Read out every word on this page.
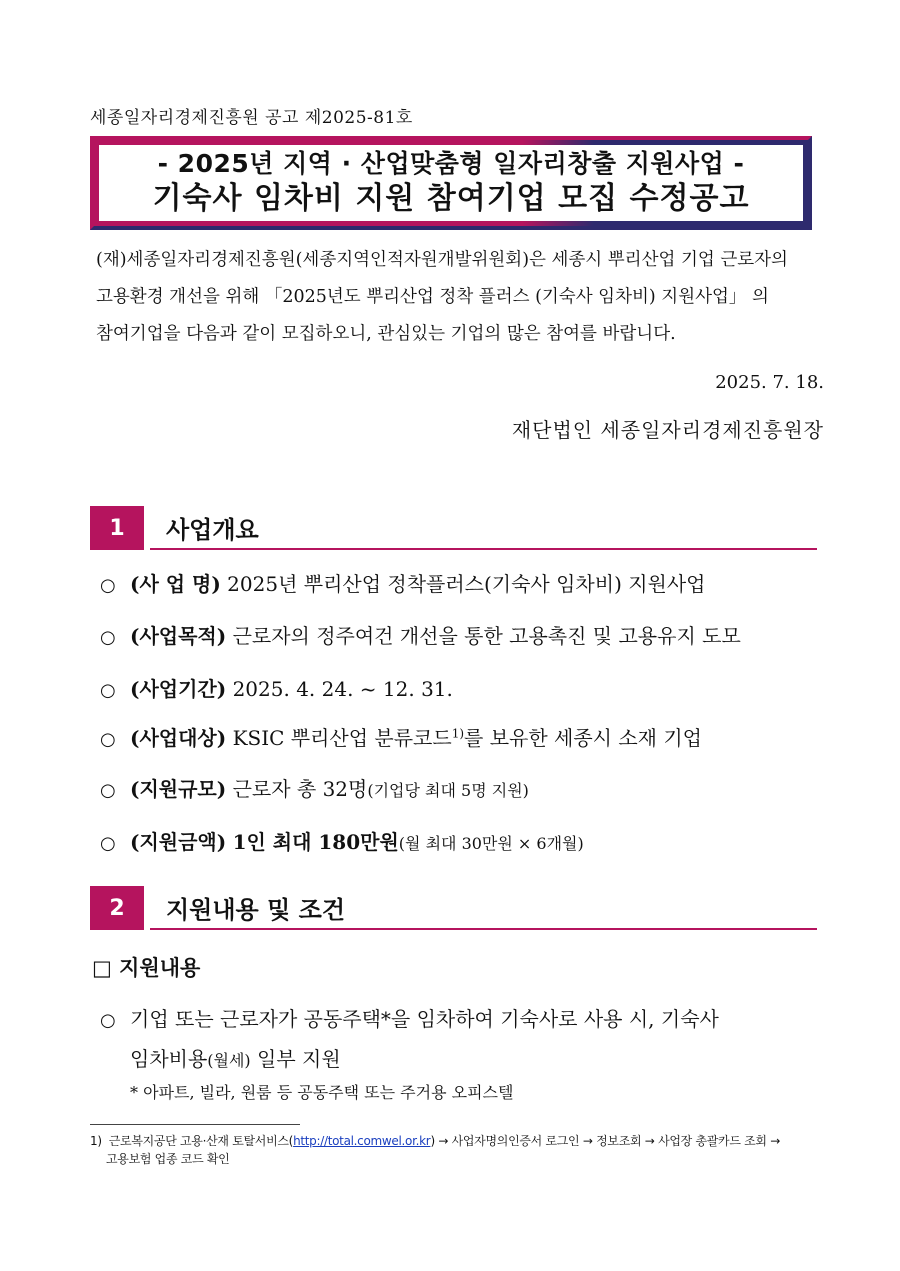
세종일자리경제진흥원 공고 제2025-81호
- 2025년 지역 · 산업맞춤형 일자리창출 지원사업 -
기숙사 임차비 지원 참여기업 모집 수정공고
(재)세종일자리경제진흥원(세종지역인적자원개발위원회)은 세종시 뿌리산업 기업 근로자의
고용환경 개선을 위해 「2025년도 뿌리산업 정착 플러스 (기숙사 임차비) 지원사업」 의
참여기업을 다음과 같이 모집하오니, 관심있는 기업의 많은 참여를 바랍니다.
2025. 7. 18.
재단법인 세종일자리경제진흥원장
1	사업개요
○ (사 업 명) 2025년 뿌리산업 정착플러스(기숙사 임차비) 지원사업
○ (사업목적) 근로자의 정주여건 개선을 통한 고용촉진 및 고용유지 도모
○ (사업기간) 2025. 4. 24. ~ 12. 31.
○ (사업대상) KSIC 뿌리산업 분류코드$^{1)}$를 보유한 세종시 소재 기업
○ (지원규모) 근로자 총 32명(기업당 최대 5명 지원)
○ (지원금액) 1인 최대 180만원(월 최대 30만원 × 6개월)
2	지원내용 및 조건
□ 지원내용
○ 기업 또는 근로자가 공동주택*을 임차하여 기숙사로 사용 시, 기숙사
임차비용(월세) 일부 지원
* 아파트, 빌라, 원룸 등 공동주택 또는 주거용 오피스텔
1) 근로복지공단 고용·산재 토탈서비스(http://total.comwel.or.kr) → 사업자명의인증서 로그인 → 정보조회 → 사업장 총괄카드 조회 →
고용보험 업종 코드 확인
